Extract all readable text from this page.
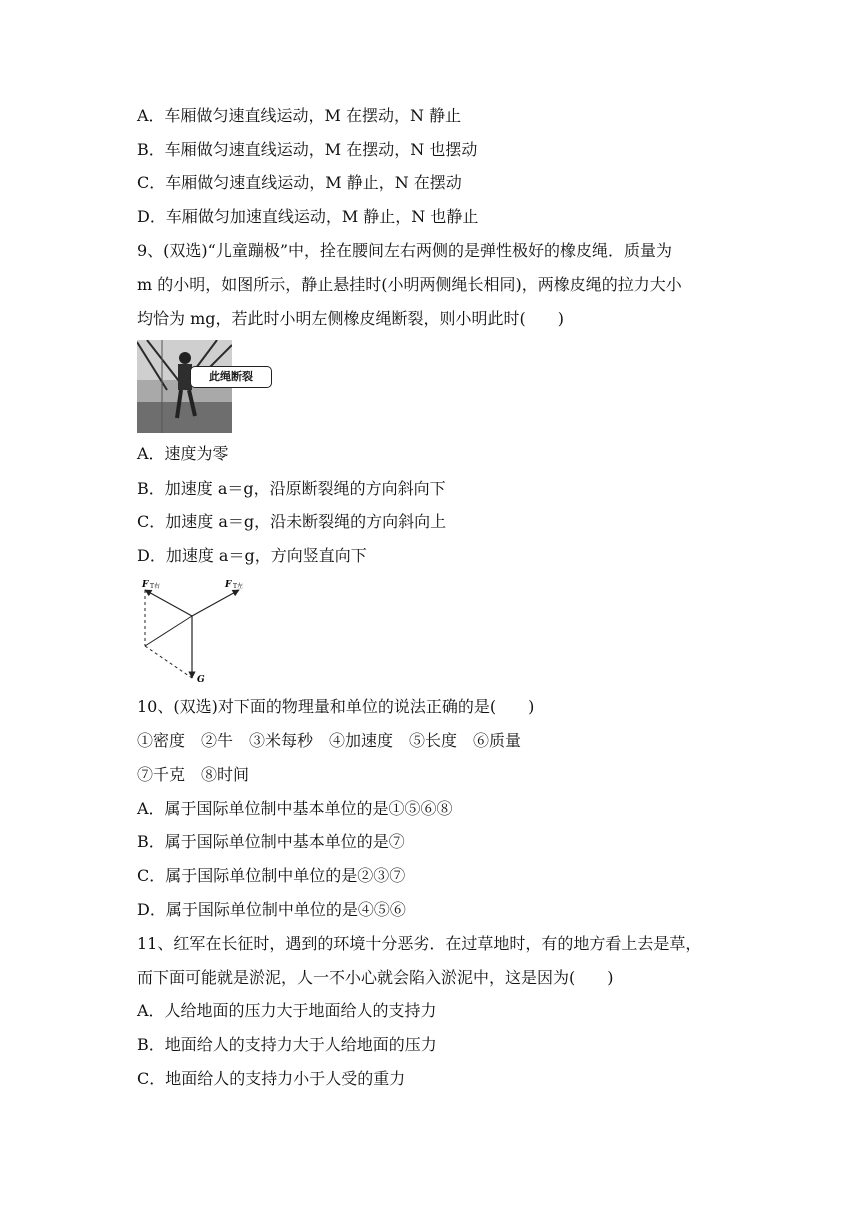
A．车厢做匀速直线运动，M 在摆动，N 静止
B．车厢做匀速直线运动，M 在摆动，N 也摆动
C．车厢做匀速直线运动，M 静止，N 在摆动
D．车厢做匀加速直线运动，M 静止，N 也静止
9、(双选)“儿童蹦极”中，拴在腰间左右两侧的是弹性极好的橡皮绳．质量为
m 的小明，如图所示，静止悬挂时(小明两侧绳长相同)，两橡皮绳的拉力大小
均恰为 mg，若此时小明左侧橡皮绳断裂，则小明此时(　　)
此绳断裂
A．速度为零
B．加速度 a＝g，沿原断裂绳的方向斜向下
C．加速度 a＝g，沿未断裂绳的方向斜向上
D．加速度 a＝g，方向竖直向下
F T右	F T左
G
10、(双选)对下面的物理量和单位的说法正确的是(　　)
①密度　②牛　③米每秒　④加速度　⑤长度　⑥质量
⑦千克　⑧时间
A．属于国际单位制中基本单位的是①⑤⑥⑧
B．属于国际单位制中基本单位的是⑦
C．属于国际单位制中单位的是②③⑦
D．属于国际单位制中单位的是④⑤⑥
11、红军在长征时，遇到的环境十分恶劣．在过草地时，有的地方看上去是草，
而下面可能就是淤泥，人一不小心就会陷入淤泥中，这是因为(　　)
A．人给地面的压力大于地面给人的支持力
B．地面给人的支持力大于人给地面的压力
C．地面给人的支持力小于人受的重力
